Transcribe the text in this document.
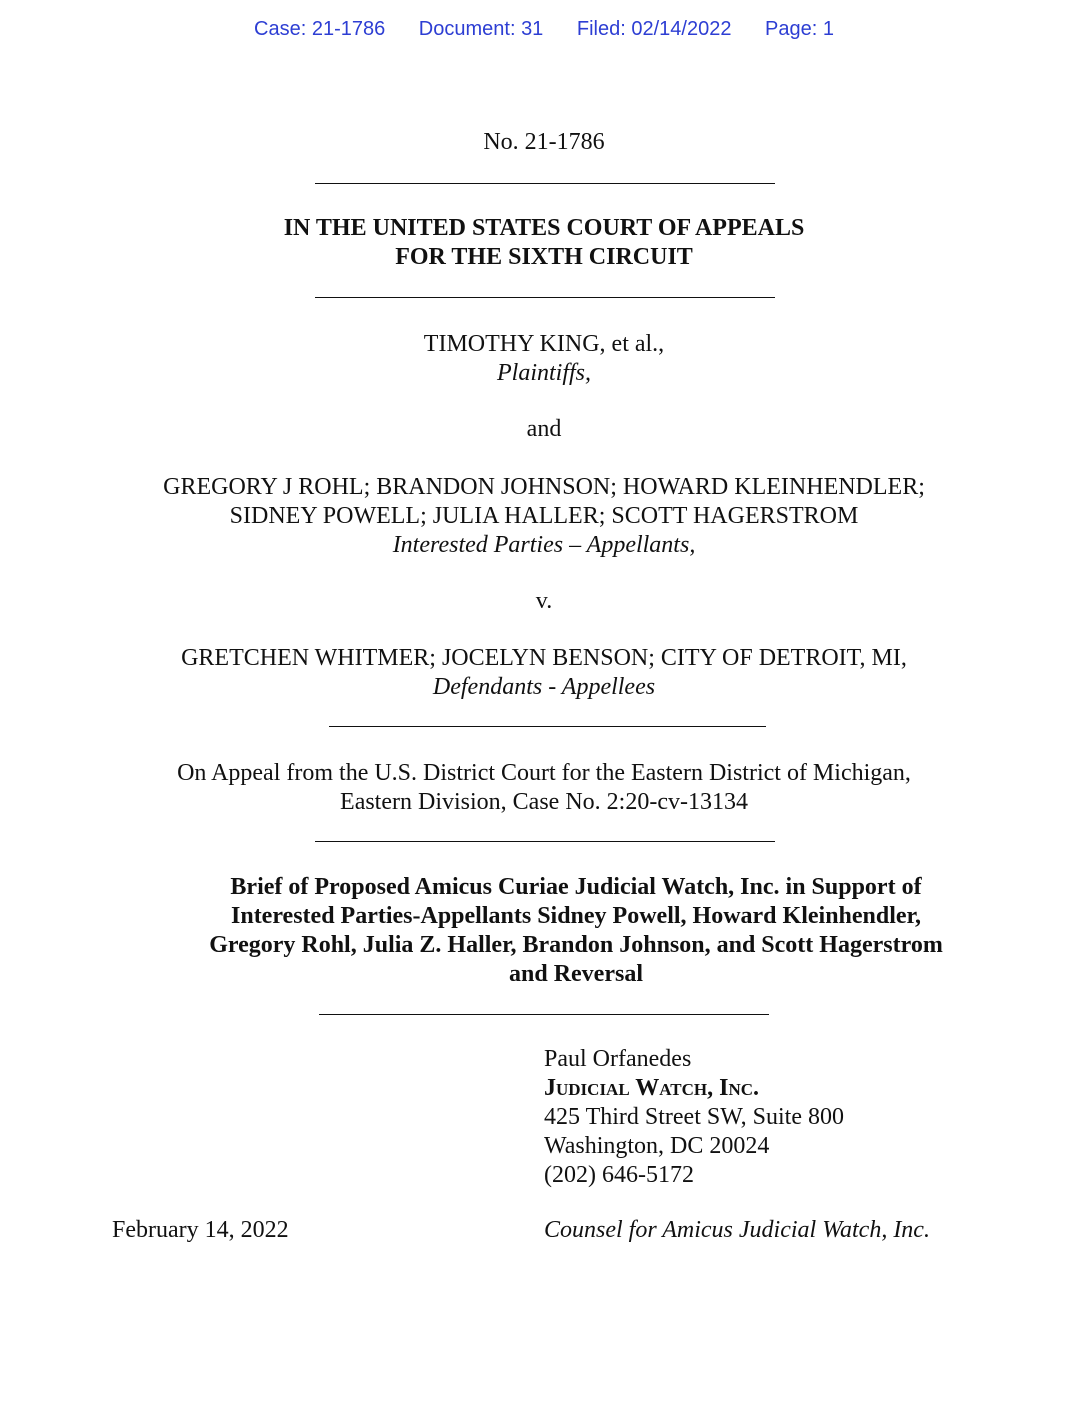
Case: 21-1786 Document: 31 Filed: 02/14/2022 Page: 1
No. 21-1786
IN THE UNITED STATES COURT OF APPEALS
FOR THE SIXTH CIRCUIT
TIMOTHY KING, et al.,
Plaintiffs,
and
GREGORY J ROHL; BRANDON JOHNSON; HOWARD KLEINHENDLER;
SIDNEY POWELL; JULIA HALLER; SCOTT HAGERSTROM
Interested Parties – Appellants,
v.
GRETCHEN WHITMER; JOCELYN BENSON; CITY OF DETROIT, MI,
Defendants - Appellees
On Appeal from the U.S. District Court for the Eastern District of Michigan,
Eastern Division, Case No. 2:20-cv-13134
Brief of Proposed Amicus Curiae Judicial Watch, Inc. in Support of
Interested Parties-Appellants Sidney Powell, Howard Kleinhendler,
Gregory Rohl, Julia Z. Haller, Brandon Johnson, and Scott Hagerstrom
and Reversal
Paul Orfanedes
Judicial Watch, Inc.
425 Third Street SW, Suite 800
Washington, DC 20024
(202) 646-5172
February 14, 2022	Counsel for Amicus Judicial Watch, Inc.
